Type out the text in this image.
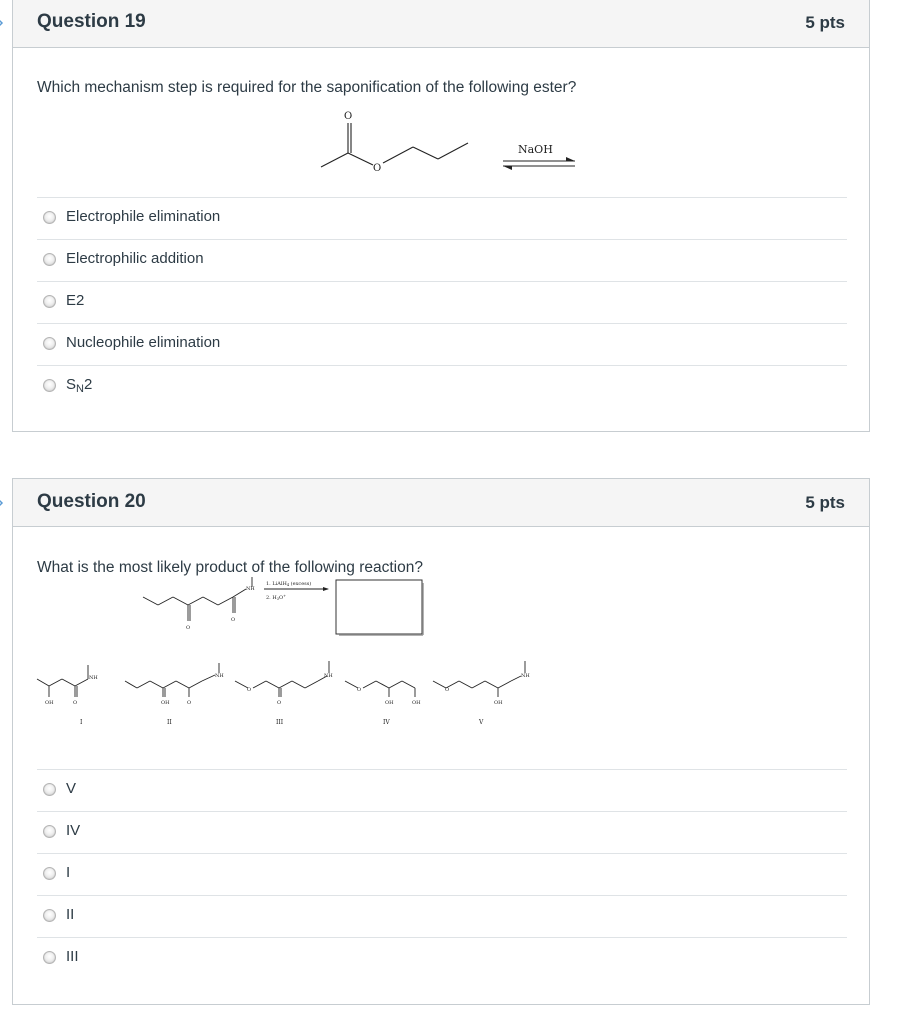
Question 19	5 pts
Which mechanism step is required for the saponification of the following ester?
O
O
NaOH
Electrophile elimination
Electrophilic addition
E2
Nucleophile elimination
$S_N2$
Question 20	5 pts
What is the most likely product of the following reaction?
O
O
NH
1. LiAlH$_4$ (excess)
2. $H_3O^+$
OH	O
NH
I
OH	O
NH
II
O
O
NH
III
O
OH	OH
IV
O
OH
NH
V
V
IV
I
II
III
